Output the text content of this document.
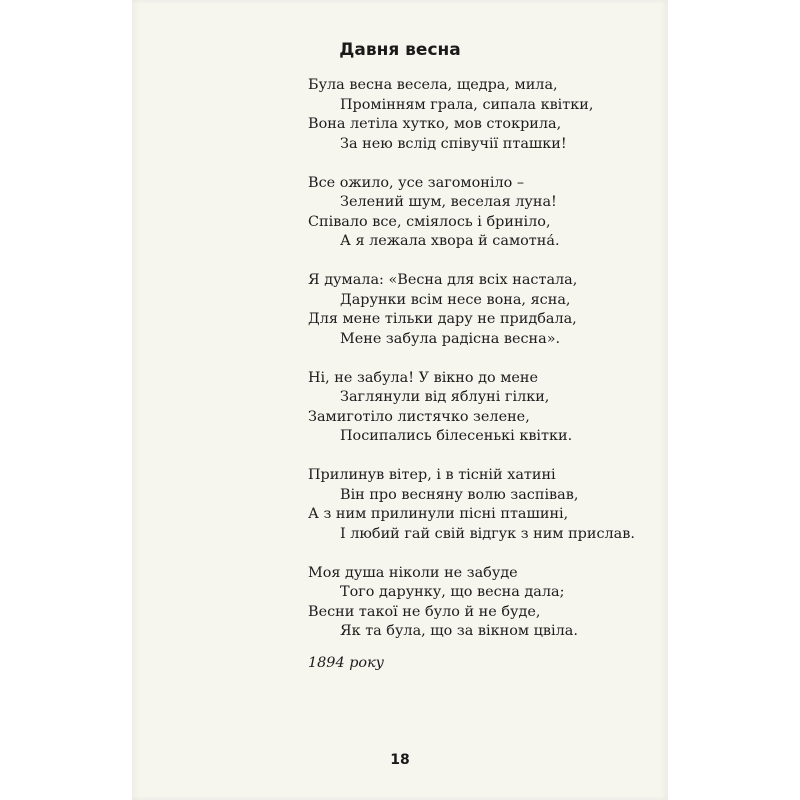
Давня весна
Була весна весела, щедра, мила,
Промінням грала, сипала квітки,
Вона летіла хутко, мов стокрила,
За нею вслід співучії пташки!
Все ожило, усе загомоніло –
Зелений шум, веселая луна!
Співало все, сміялось і бриніло,
А я лежала хвора й самотна́.
Я думала: «Весна для всіх настала,
Дарунки всім несе вона, ясна,
Для мене тільки дару не придбала,
Мене забула радісна весна».
Ні, не забула! У вікно до мене
Заглянули від яблуні гілки,
Замиготіло листячко зелене,
Посипались білесенькі квітки.
Прилинув вітер, і в тісній хатині
Він про весняну волю заспівав,
А з ним прилинули пісні пташині,
І любий гай свій відгук з ним прислав.
Моя душа ніколи не забуде
Того дарунку, що весна дала;
Весни такої не було й не буде,
Як та була, що за вікном цвіла.
1894 року
18
